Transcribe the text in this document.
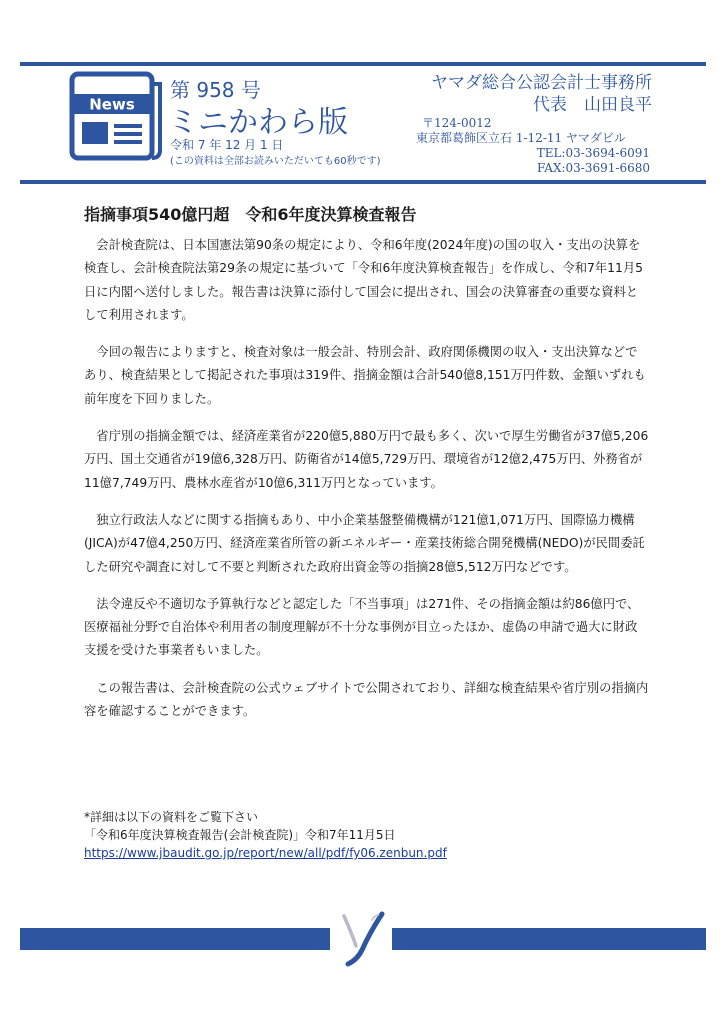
News
第 958 号
ミニかわら版
令和 7 年 12 月 1 日
(この資料は全部お読みいただいても60秒です)
ヤマダ総合公認会計士事務所
代表　山田良平
〒124-0012
東京都葛飾区立石 1-12-11 ヤマダビル
TEL:03-3694-6091
FAX:03-3691-6680
指摘事項540億円超　令和6年度決算検査報告

会計検査院は、日本国憲法第90条の規定により、令和6年度(2024年度)の国の収入・支出の決算を検査し、会計検査院法第29条の規定に基づいて「令和6年度決算検査報告」を作成し、令和7年11月5日に内閣へ送付しました。報告書は決算に添付して国会に提出され、国会の決算審査の重要な資料として利用されます。

今回の報告によりますと、検査対象は一般会計、特別会計、政府関係機関の収入・支出決算などであり、検査結果として掲記された事項は319件、指摘金額は合計540億8,151万円件数、金額いずれも前年度を下回りました。

省庁別の指摘金額では、経済産業省が220億5,880万円で最も多く、次いで厚生労働省が37億5,206万円、国土交通省が19億6,328万円、防衛省が14億5,729万円、環境省が12億2,475万円、外務省が11億7,749万円、農林水産省が10億6,311万円となっています。

独立行政法人などに関する指摘もあり、中小企業基盤整備機構が121億1,071万円、国際協力機構(JICA)が47億4,250万円、経済産業省所管の新エネルギー・産業技術総合開発機構(NEDO)が民間委託した研究や調査に対して不要と判断された政府出資金等の指摘28億5,512万円などです。

法令違反や不適切な予算執行などと認定した「不当事項」は271件、その指摘金額は約86億円で、医療福祉分野で自治体や利用者の制度理解が不十分な事例が目立ったほか、虚偽の申請で過大に財政支援を受けた事業者もいました。

この報告書は、会計検査院の公式ウェブサイトで公開されており、詳細な検査結果や省庁別の指摘内容を確認することができます。

*詳細は以下の資料をご覧下さい
「令和6年度決算検査報告(会計検査院)」令和7年11月5日
https://www.jbaudit.go.jp/report/new/all/pdf/fy06.zenbun.pdf
